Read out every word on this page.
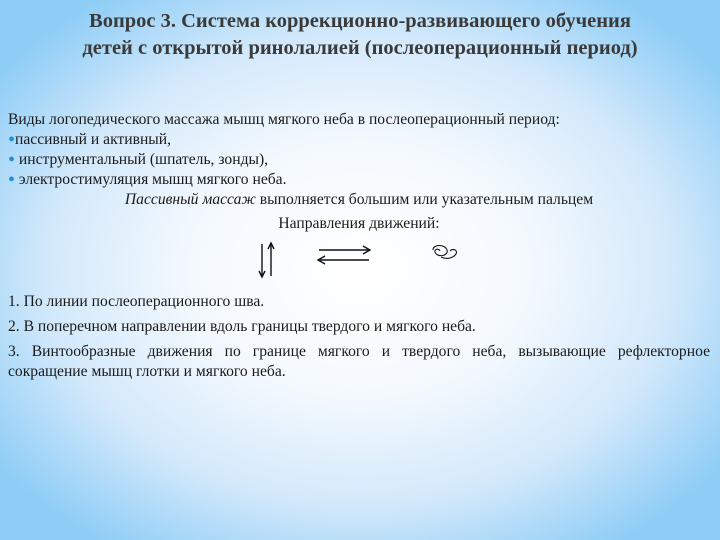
Вопрос 3. Система коррекционно-развивающего обучения
детей с открытой ринолалией (послеоперационный период)

Виды логопедического массажа мышц мягкого неба в послеоперационный период:

•пассивный и активный,
• инструментальный (шпатель, зонды),
• электростимуляция мышц мягкого неба.

Пассивный массаж выполняется большим или указательным пальцем

Направления движений:

1. По линии послеоперационного шва.
2. В поперечном направлении вдоль границы твердого и мягкого неба.
3. Винтообразные движения по границе мягкого и твердого неба, вызывающие рефлекторное сокращение мышц глотки и мягкого неба.
